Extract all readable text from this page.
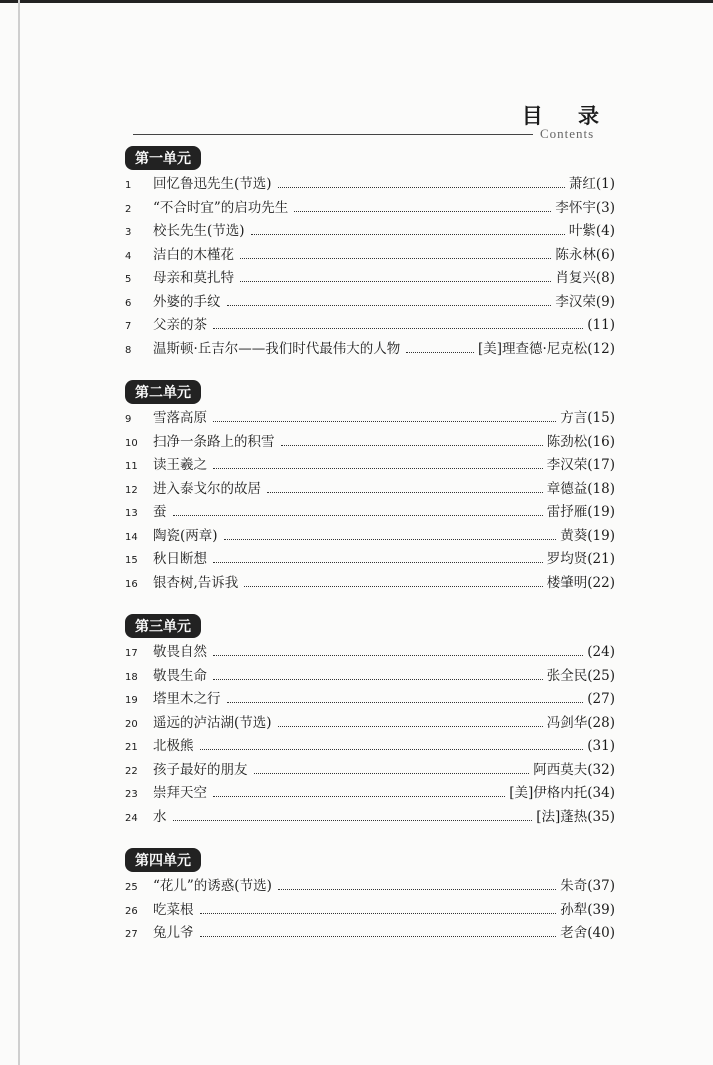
目 录
Contents
第一单元
1	回忆鲁迅先生(节选)	萧红(1)
2	“不合时宜”的启功先生	李怀宇(3)
3	校长先生(节选)	叶紫(4)
4	洁白的木槿花	陈永林(6)
5	母亲和莫扎特	肖复兴(8)
6	外婆的手纹	李汉荣(9)
7	父亲的茶	(11)
8	温斯顿·丘吉尔——我们时代最伟大的人物	[美]理查德·尼克松(12)
第二单元
9	雪落高原	方言(15)
10	扫净一条路上的积雪	陈劲松(16)
11	读王羲之	李汉荣(17)
12	进入泰戈尔的故居	章德益(18)
13	蚕	雷抒雁(19)
14	陶瓷(两章)	黄葵(19)
15	秋日断想	罗均贤(21)
16	银杏树,告诉我	楼肇明(22)
第三单元
17	敬畏自然	(24)
18	敬畏生命	张全民(25)
19	塔里木之行	(27)
20	遥远的泸沽湖(节选)	冯剑华(28)
21	北极熊	(31)
22	孩子最好的朋友	阿西莫夫(32)
23	崇拜天空	[美]伊格内托(34)
24	水	[法]蓬热(35)
第四单元
25	“花儿”的诱惑(节选)	朱奇(37)
26	吃菜根	孙犁(39)
27	兔儿爷	老舍(40)
